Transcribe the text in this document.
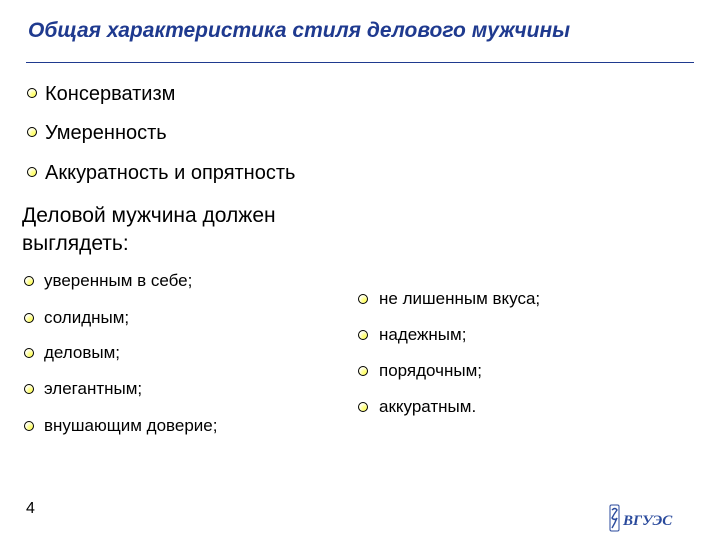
Общая характеристика стиля делового мужчины
Консерватизм
Умеренность
Аккуратность и опрятность
Деловой мужчина должен
выглядеть:
уверенным в себе;
солидным;
деловым;
элегантным;
внушающим доверие;
не лишенным вкуса;
надежным;
порядочным;
аккуратным.
4
ВГУЭС
